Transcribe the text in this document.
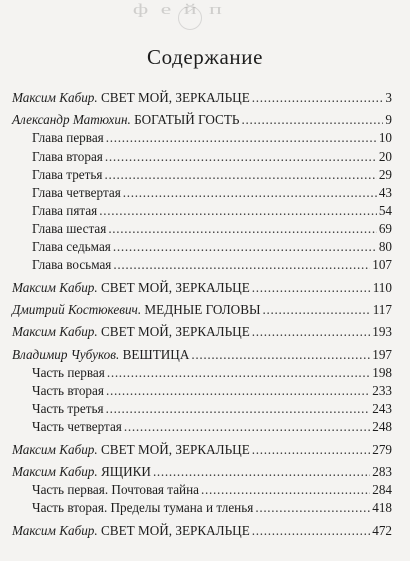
ф е й п
Содержание
Максим Кабир. СВЕТ МОЙ, ЗЕРКАЛЬЦЕ . . .	3
Александр Матюхин. БОГАТЫЙ ГОСТЬ . . .	9
Глава первая . . .	10
Глава вторая . . .	20
Глава третья . . .	29
Глава четвертая . . .	43
Глава пятая . . .	54
Глава шестая . . .	69
Глава седьмая . . .	80
Глава восьмая . . .	107
Максим Кабир. СВЕТ МОЙ, ЗЕРКАЛЬЦЕ . . .	110
Дмитрий Костюкевич. МЕДНЫЕ ГОЛОВЫ . . .	117
Максим Кабир. СВЕТ МОЙ, ЗЕРКАЛЬЦЕ . . .	193
Владимир Чубуков. ВЕШТИЦА . . .	197
Часть первая . . .	198
Часть вторая . . .	233
Часть третья . . .	243
Часть четвертая . . .	248
Максим Кабир. СВЕТ МОЙ, ЗЕРКАЛЬЦЕ . . .	279
Максим Кабир. ЯЩИКИ . . .	283
Часть первая. Почтовая тайна . . .	284
Часть вторая. Пределы тумана и тленья . . .	418
Максим Кабир. СВЕТ МОЙ, ЗЕРКАЛЬЦЕ . . .	472
